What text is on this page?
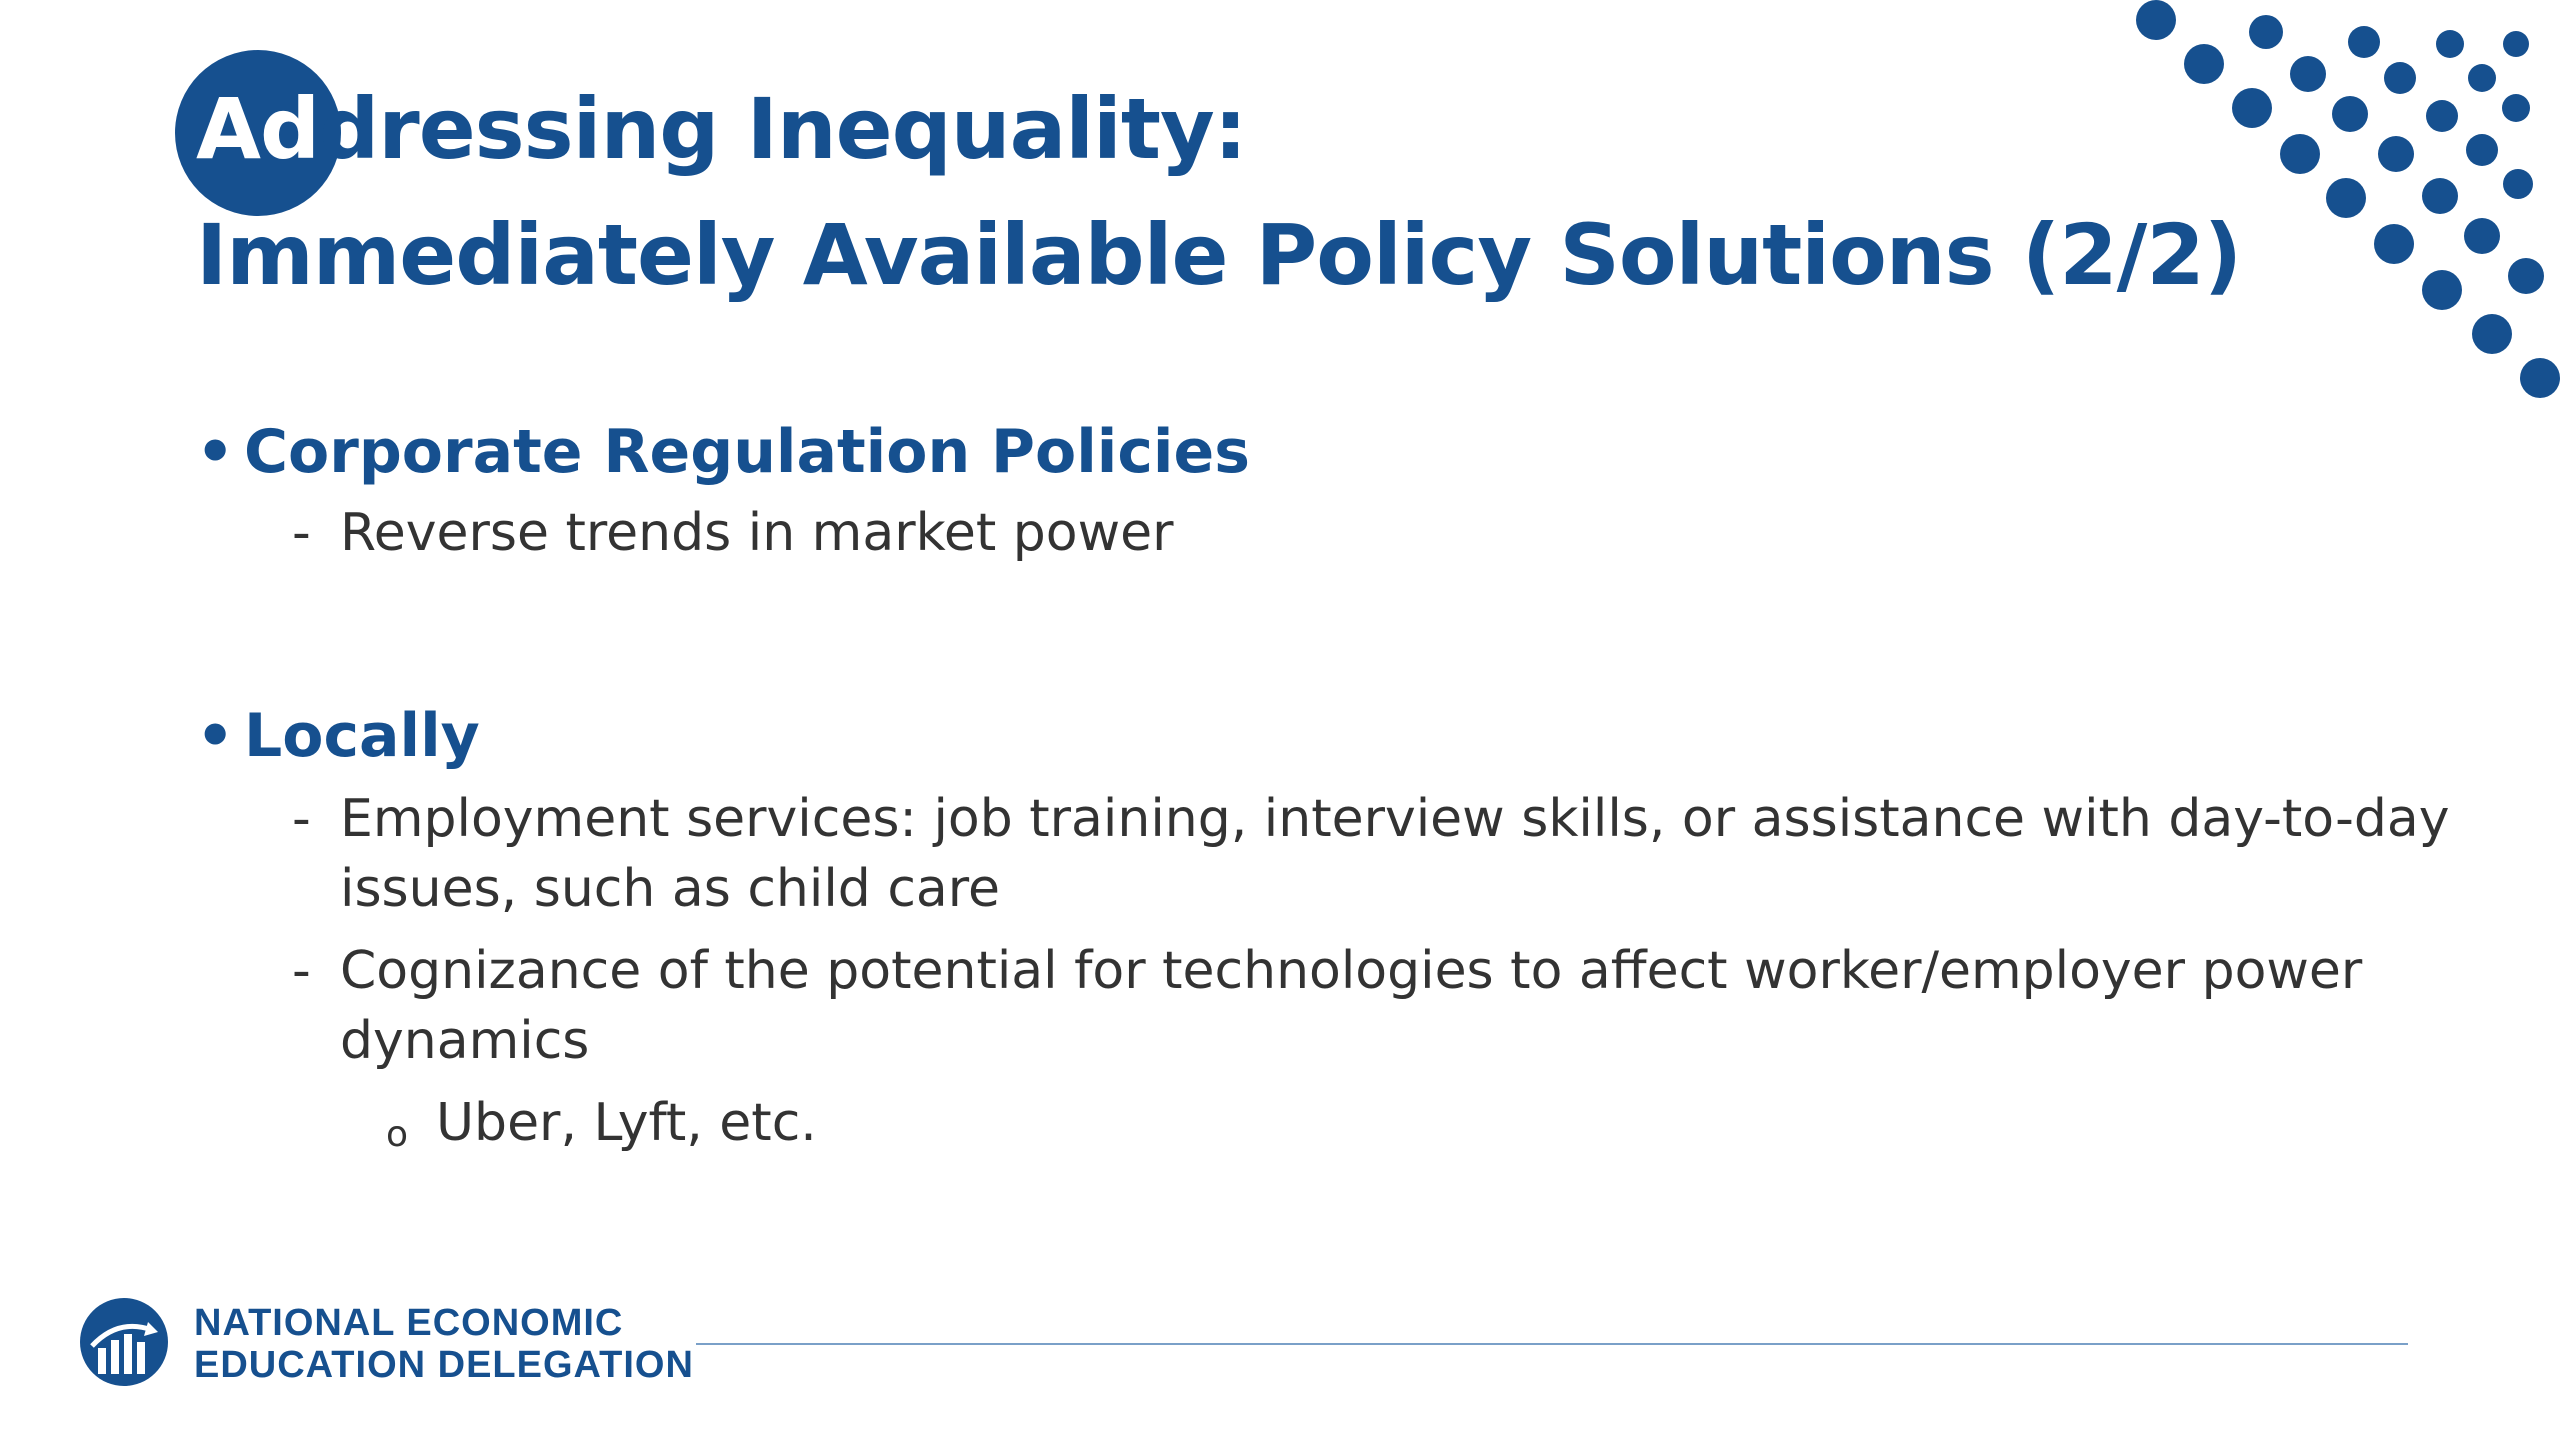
Addressing Inequality:
Immediately Available Policy Solutions (2/2)
• Corporate Regulation Policies
- Reverse trends in market power
• Locally
- Employment services: job training, interview skills, or assistance with day-to-day issues, such as child care
- Cognizance of the potential for technologies to affect worker/employer power dynamics
o Uber, Lyft, etc.
NATIONAL ECONOMIC
EDUCATION DELEGATION
